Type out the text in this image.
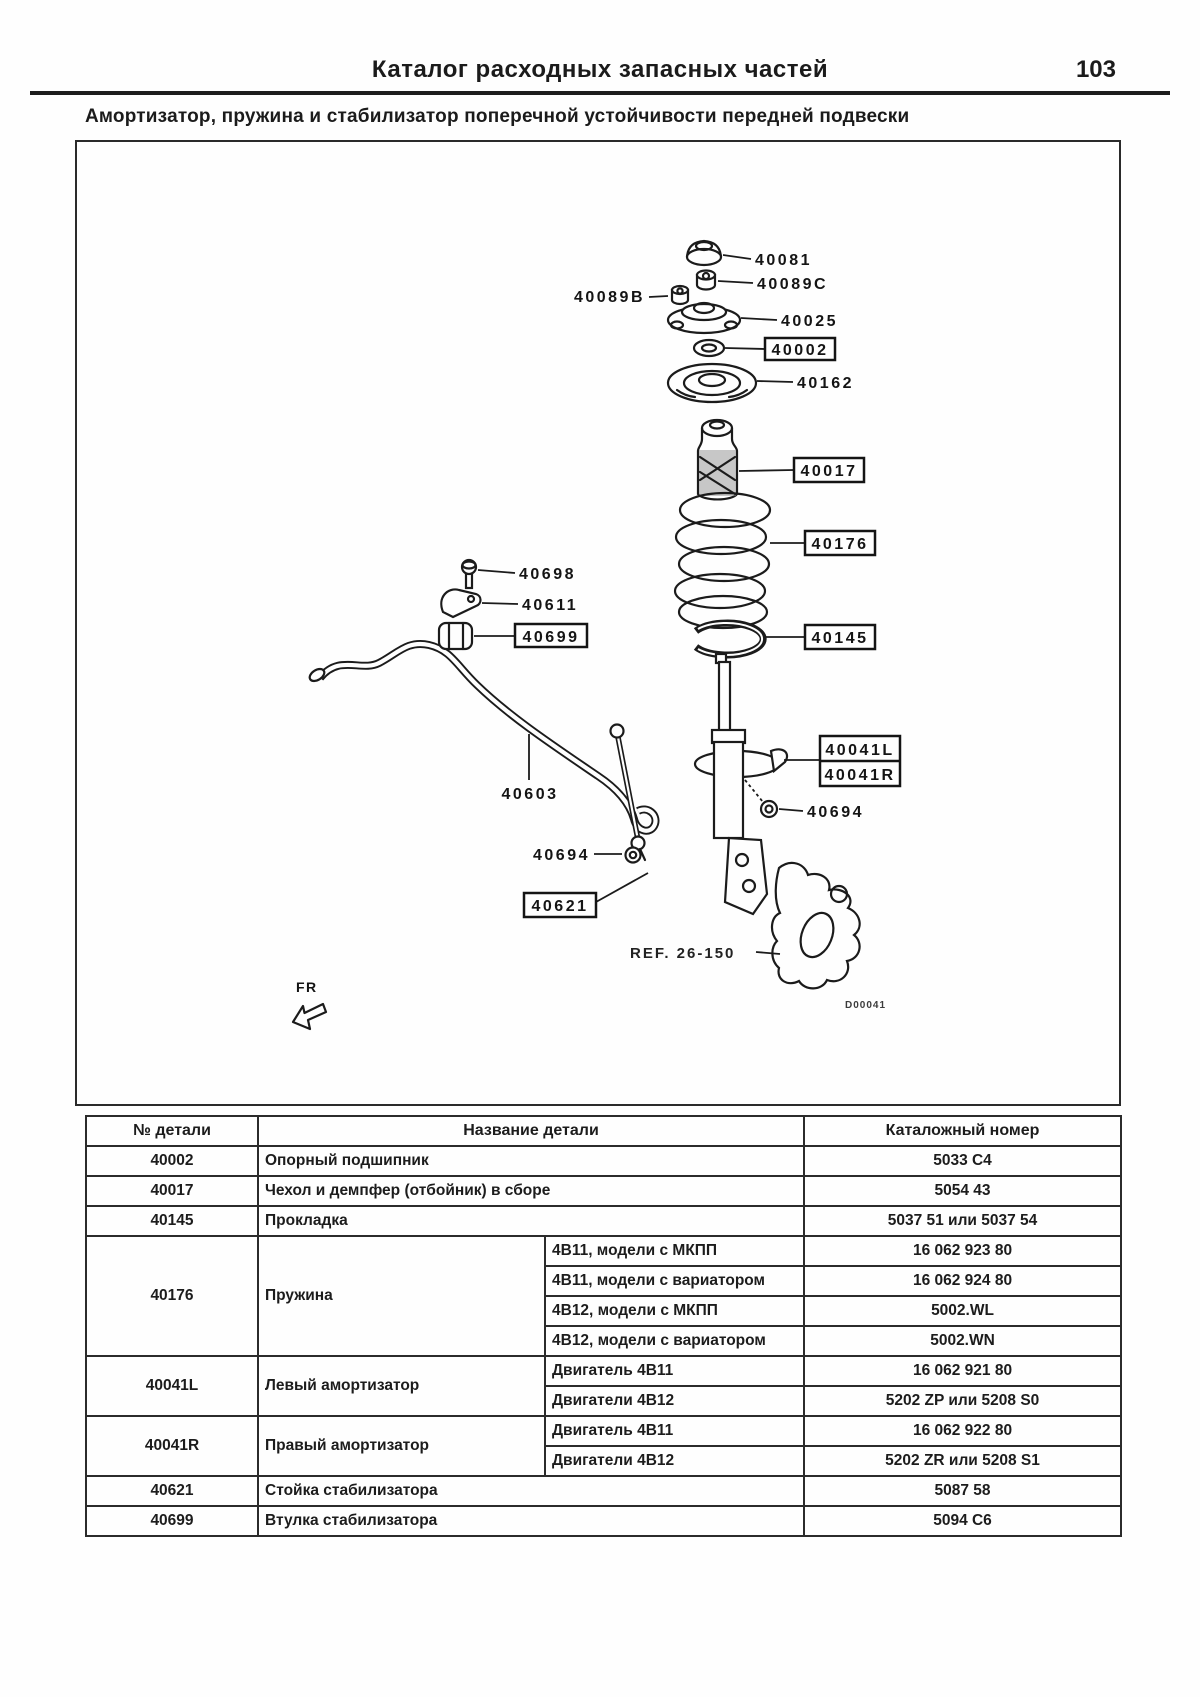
Каталог расходных запасных частей	103
Амортизатор, пружина и стабилизатор поперечной устойчивости передней подвески
40081
40089C
40089B
40025
40002
40162
40017
40176
40145
40603
40698
40611
40699
40041L
40041R
40694
40694
40621
REF. 26-150
D00041
FR
№ детали	Название детали		Каталожный номер
40002	Опорный подшипник		5033 C4
40017	Чехол и демпфер (отбойник) в сборе		5054 43
40145	Прокладка		5037 51 или 5037 54
40176	Пружина	4B11, модели с МКПП	16 062 923 80
		4B11, модели с вариатором	16 062 924 80
		4B12, модели с МКПП	5002.WL
		4B12, модели с вариатором	5002.WN
40041L	Левый амортизатор	Двигатель 4B11	16 062 921 80
		Двигатели 4B12	5202 ZP или 5208 S0
40041R	Правый амортизатор	Двигатель 4B11	16 062 922 80
		Двигатели 4B12	5202 ZR или 5208 S1
40621	Стойка стабилизатора		5087 58
40699	Втулка стабилизатора		5094 C6
